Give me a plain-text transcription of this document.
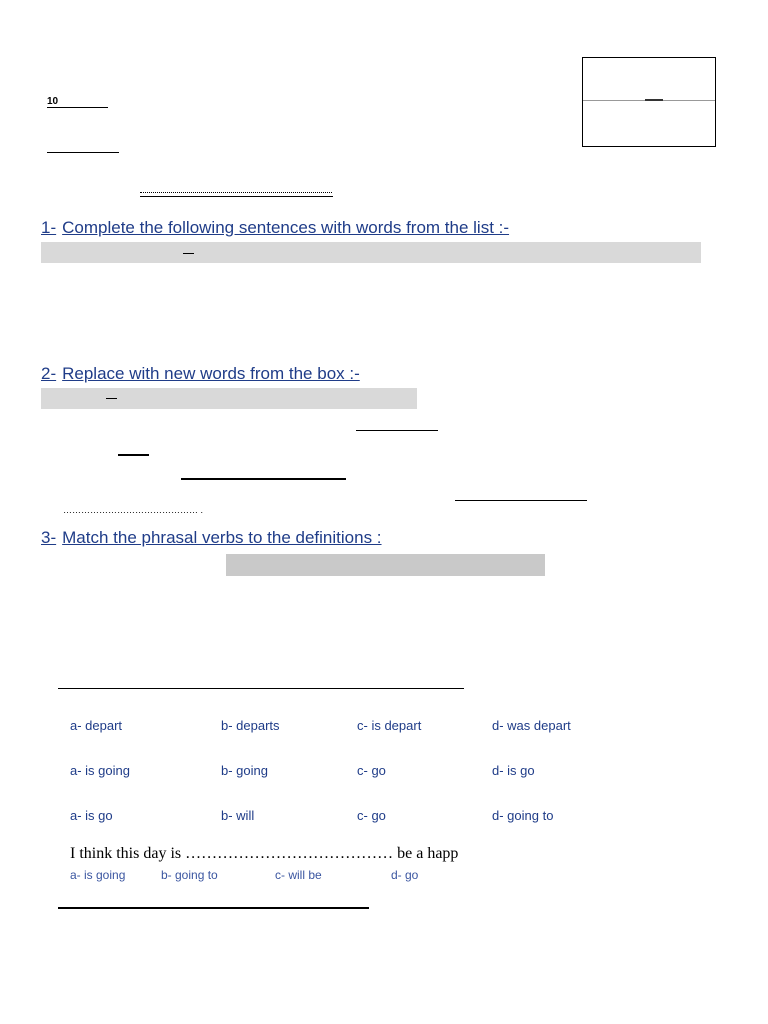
10
1- Complete the following sentences with words from the list :-
2- Replace with new words from the box :-
……………………………………… .
3- Match the phrasal verbs to the definitions :
a- depart	b- departs	c- is depart	d- was depart
a- is going	b- going	c- go	d- is go
a- is go	b- will	c- go	d- going to
I think this day is ………………………………… be a happ
a- is going	b- going to	c- will be	d- go
